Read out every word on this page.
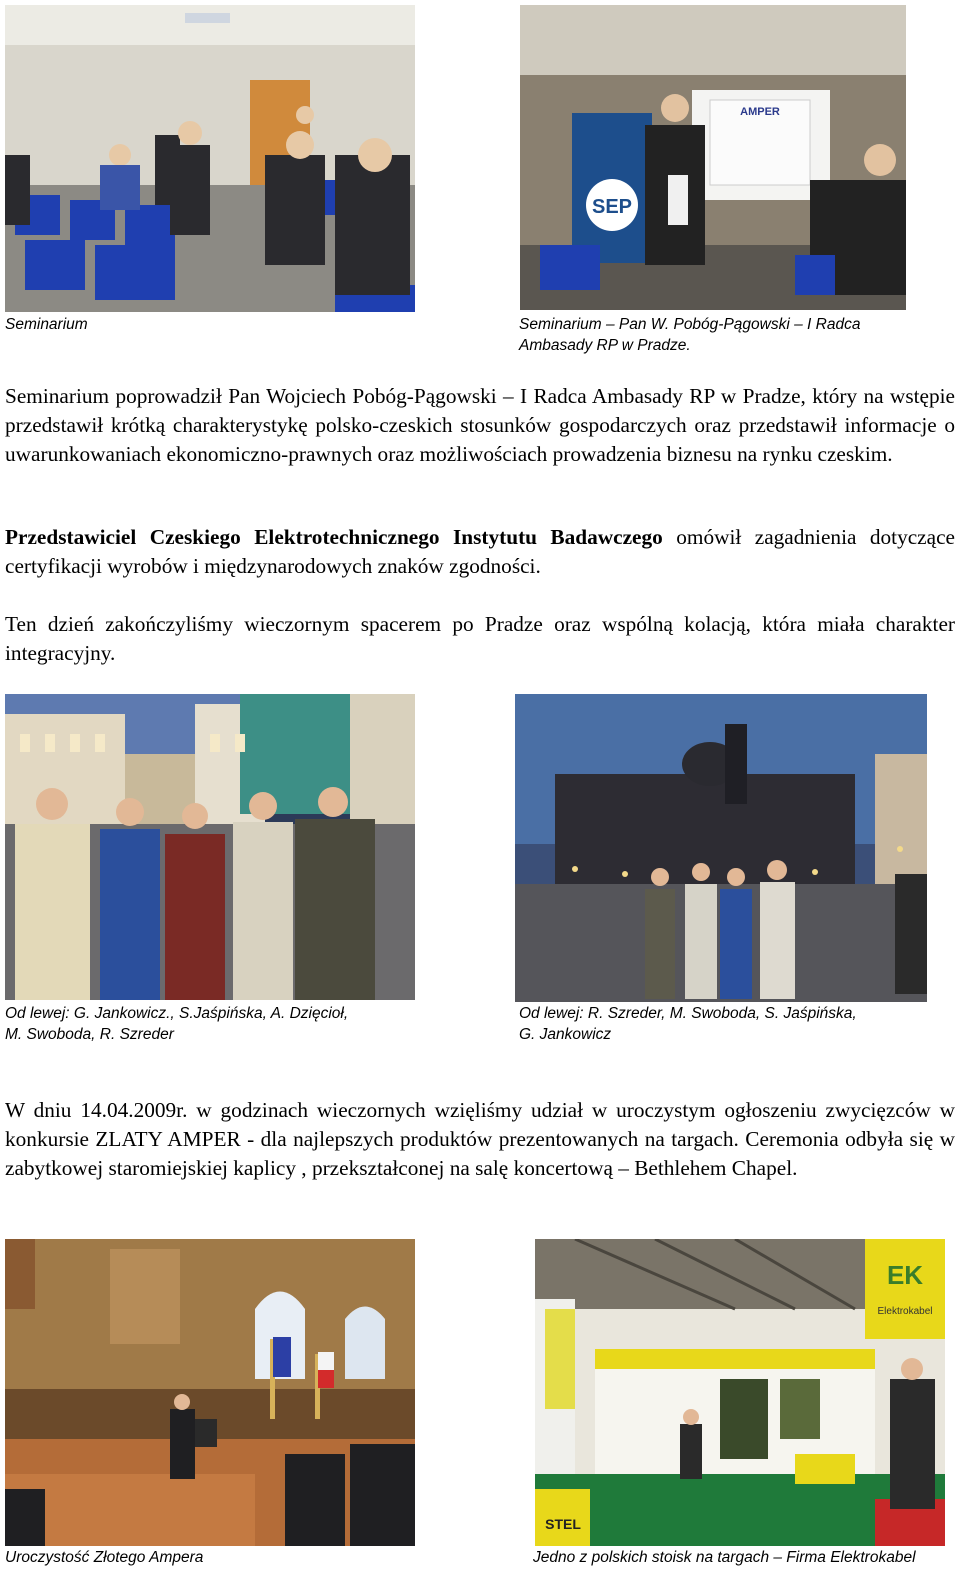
Seminarium

SEP
AMPER

Seminarium – Pan W. Pobóg-Pągowski – I Radca
Ambasady RP w Pradze.

Seminarium poprowadził Pan Wojciech Pobóg-Pągowski – I Radca Ambasady RP w Pradze, który na wstępie przedstawił krótką charakterystykę polsko-czeskich stosunków gospodarczych oraz przedstawił informacje o uwarunkowaniach ekonomiczno-prawnych oraz możliwościach prowadzenia biznesu na rynku czeskim.

Przedstawiciel Czeskiego Elektrotechnicznego Instytutu Badawczego omówił zagadnienia dotyczące certyfikacji wyrobów i międzynarodowych znaków zgodności.

Ten dzień zakończyliśmy wieczornym spacerem po Pradze oraz wspólną kolacją, która miała charakter integracyjny.

Od lewej: G. Jankowicz., S.Jaśpińska, A. Dzięcioł,
M. Swoboda, R. Szreder

Od lewej: R. Szreder, M. Swoboda, S. Jaśpińska,
G. Jankowicz

W dniu 14.04.2009r. w godzinach wieczornych wzięliśmy udział w uroczystym ogłoszeniu zwycięzców w konkursie ZLATY AMPER - dla najlepszych produktów prezentowanych na targach. Ceremonia odbyła się w zabytkowej staromiejskiej kaplicy , przekształconej na salę koncertową – Bethlehem Chapel.

Uroczystość Złotego Ampera

EK
Elektrokabel
STEL

Jedno z polskich stoisk na targach – Firma Elektrokabel
